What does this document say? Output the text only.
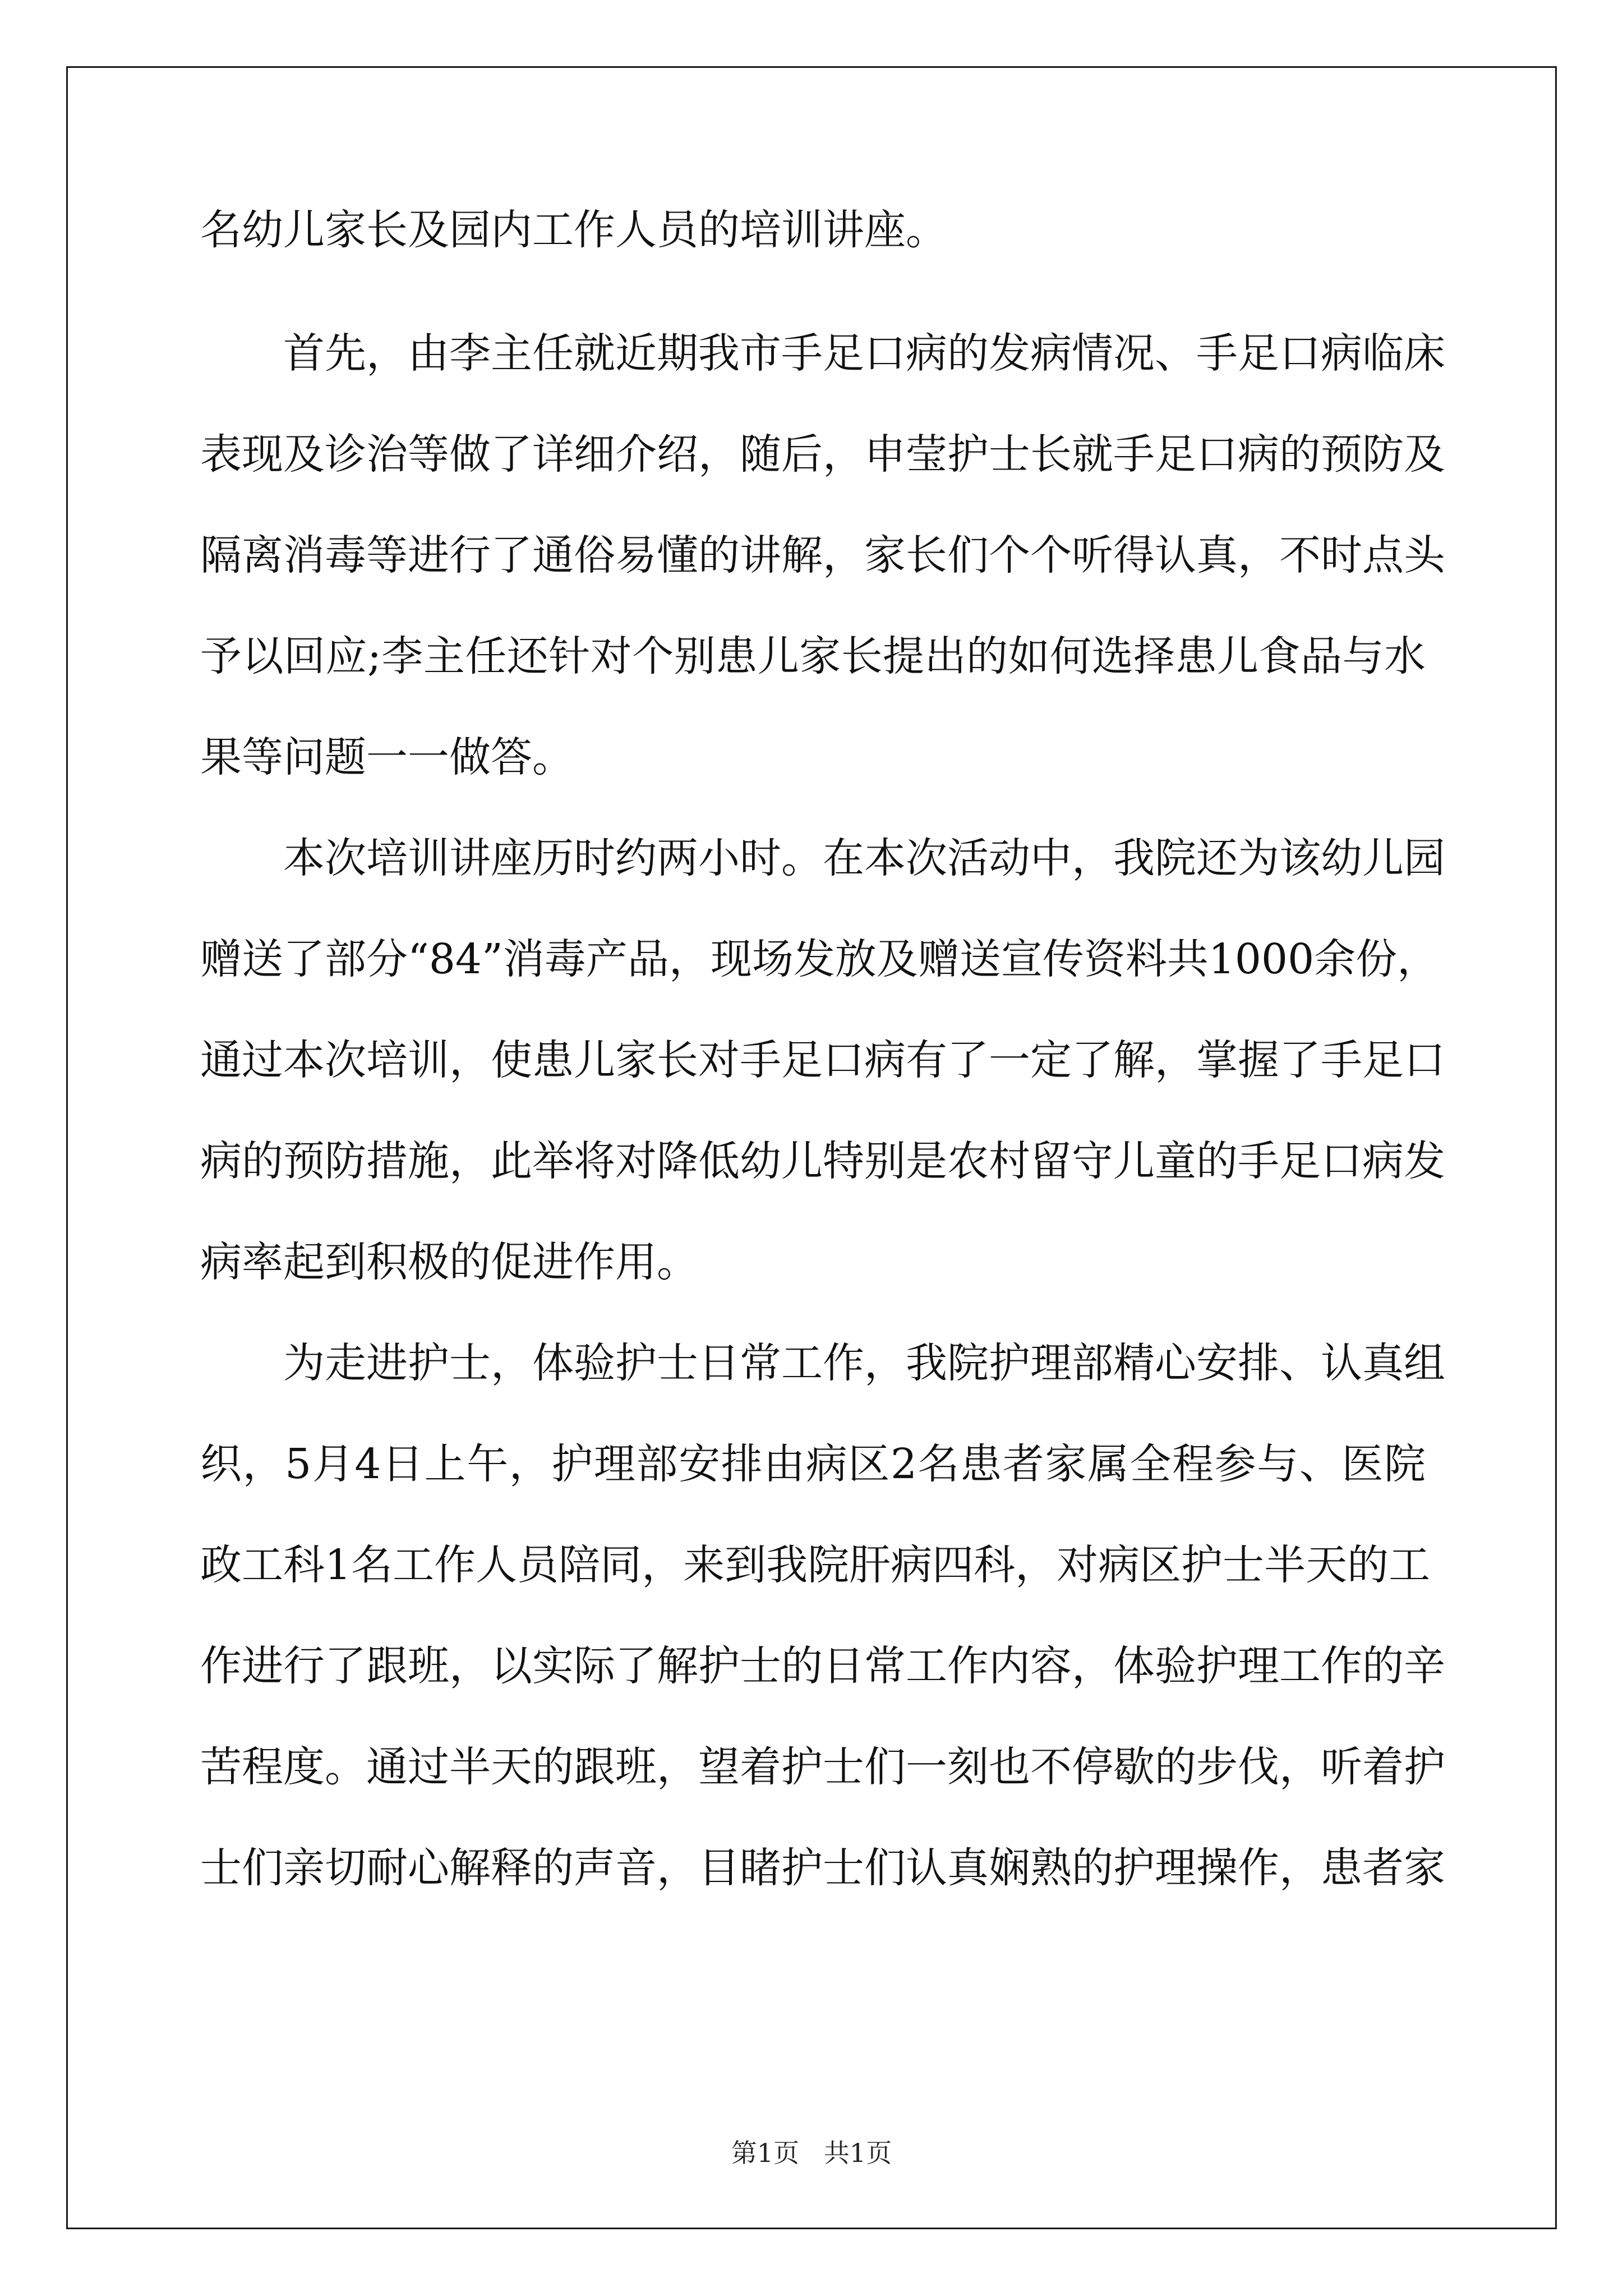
名幼儿家长及园内工作人员的培训讲座。
首先，由李主任就近期我市手足口病的发病情况、手足口病临床
表现及诊治等做了详细介绍，随后，申莹护士长就手足口病的预防及
隔离消毒等进行了通俗易懂的讲解，家长们个个听得认真，不时点头
予以回应;李主任还针对个别患儿家长提出的如何选择患儿食品与水
果等问题一一做答。
本次培训讲座历时约两小时。在本次活动中，我院还为该幼儿园
赠送了部分“84”消毒产品，现场发放及赠送宣传资料共1000余份，
通过本次培训，使患儿家长对手足口病有了一定了解，掌握了手足口
病的预防措施，此举将对降低幼儿特别是农村留守儿童的手足口病发
病率起到积极的促进作用。
为走进护士，体验护士日常工作，我院护理部精心安排、认真组
织，5月4日上午，护理部安排由病区2名患者家属全程参与、医院
政工科1名工作人员陪同，来到我院肝病四科，对病区护士半天的工
作进行了跟班，以实际了解护士的日常工作内容，体验护理工作的辛
苦程度。通过半天的跟班，望着护士们一刻也不停歇的步伐，听着护
士们亲切耐心解释的声音，目睹护士们认真娴熟的护理操作，患者家
第1页   共1页
